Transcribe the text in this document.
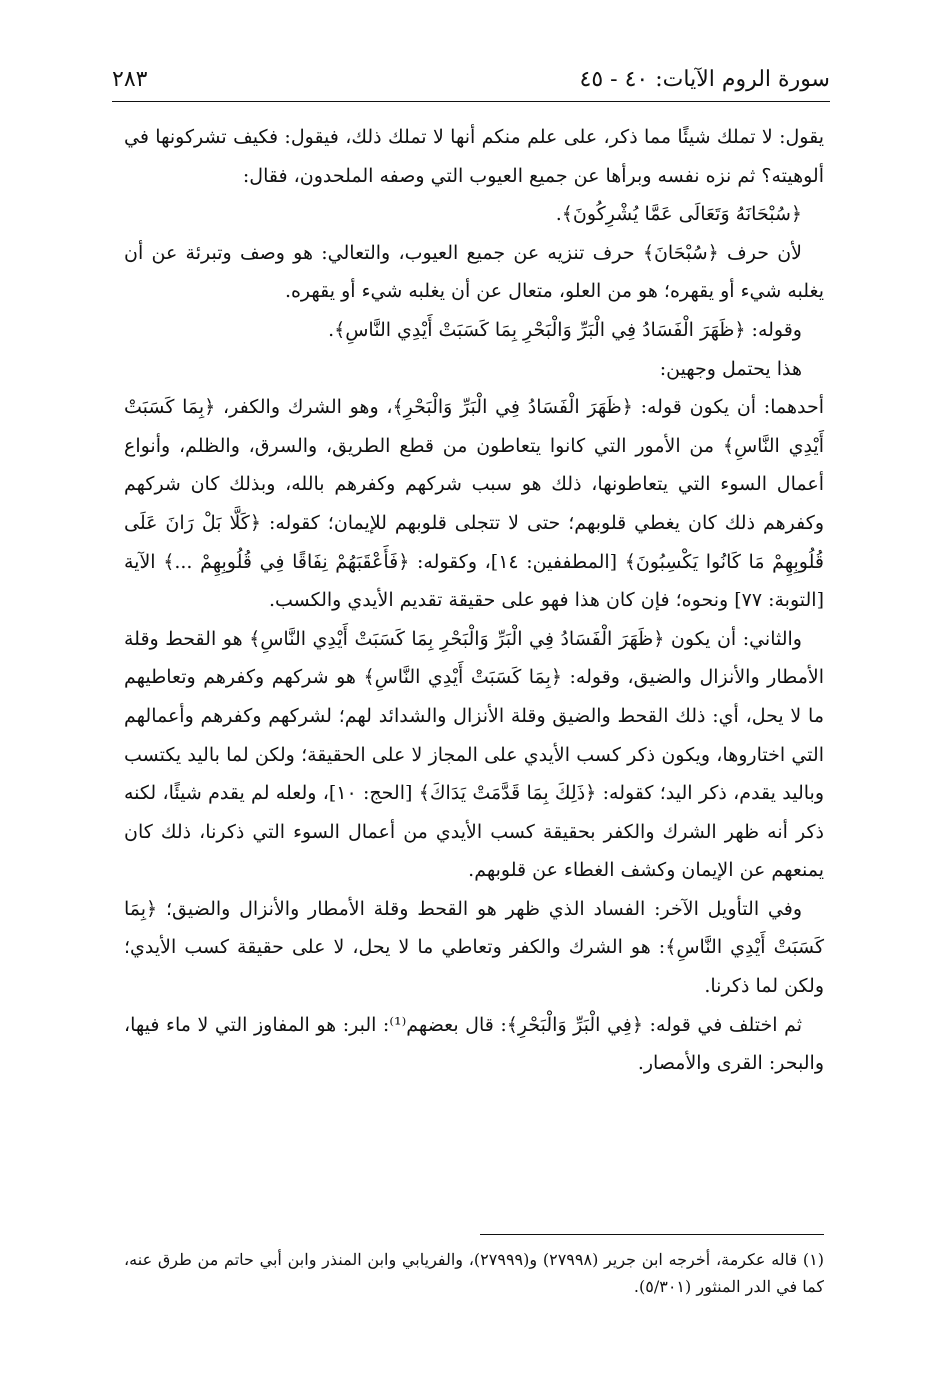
سورة الروم الآيات: ٤٠ - ٤٥
٢٨٣

يقول: لا تملك شيئًا مما ذكر، على علم منكم أنها لا تملك ذلك، فيقول: فكيف تشركونها في ألوهيته؟ ثم نزه نفسه وبرأها عن جميع العيوب التي وصفه الملحدون، فقال:

﴿سُبْحَانَهُ وَتَعَالَى عَمَّا يُشْرِكُونَ﴾.

لأن حرف ﴿سُبْحَانَ﴾ حرف تنزيه عن جميع العيوب، والتعالي: هو وصف وتبرئة عن أن يغلبه شيء أو يقهره؛ هو من العلو، متعال عن أن يغلبه شيء أو يقهره.

وقوله: ﴿ظَهَرَ الْفَسَادُ فِي الْبَرِّ وَالْبَحْرِ بِمَا كَسَبَتْ أَيْدِي النَّاسِ﴾.

هذا يحتمل وجهين:

أحدهما: أن يكون قوله: ﴿ظَهَرَ الْفَسَادُ فِي الْبَرِّ وَالْبَحْرِ﴾، وهو الشرك والكفر، ﴿بِمَا كَسَبَتْ أَيْدِي النَّاسِ﴾ من الأمور التي كانوا يتعاطون من قطع الطريق، والسرق، والظلم، وأنواع أعمال السوء التي يتعاطونها، ذلك هو سبب شركهم وكفرهم بالله، وبذلك كان شركهم وكفرهم ذلك كان يغطي قلوبهم؛ حتى لا تتجلى قلوبهم للإيمان؛ كقوله: ﴿كَلَّا بَلْ رَانَ عَلَى قُلُوبِهِمْ مَا كَانُوا يَكْسِبُونَ﴾ [المطففين: ١٤]، وكقوله: ﴿فَأَعْقَبَهُمْ نِفَاقًا فِي قُلُوبِهِمْ ...﴾ الآية [التوبة: ٧٧] ونحوه؛ فإن كان هذا فهو على حقيقة تقديم الأيدي والكسب.

والثاني: أن يكون ﴿ظَهَرَ الْفَسَادُ فِي الْبَرِّ وَالْبَحْرِ بِمَا كَسَبَتْ أَيْدِي النَّاسِ﴾ هو القحط وقلة الأمطار والأنزال والضيق، وقوله: ﴿بِمَا كَسَبَتْ أَيْدِي النَّاسِ﴾ هو شركهم وكفرهم وتعاطيهم ما لا يحل، أي: ذلك القحط والضيق وقلة الأنزال والشدائد لهم؛ لشركهم وكفرهم وأعمالهم التي اختاروها، ويكون ذكر كسب الأيدي على المجاز لا على الحقيقة؛ ولكن لما باليد يكتسب وباليد يقدم، ذكر اليد؛ كقوله: ﴿ذَلِكَ بِمَا قَدَّمَتْ يَدَاكَ﴾ [الحج: ١٠]، ولعله لم يقدم شيئًا، لكنه ذكر أنه ظهر الشرك والكفر بحقيقة كسب الأيدي من أعمال السوء التي ذكرنا، ذلك كان يمنعهم عن الإيمان وكشف الغطاء عن قلوبهم.

وفي التأويل الآخر: الفساد الذي ظهر هو القحط وقلة الأمطار والأنزال والضيق؛ ﴿بِمَا كَسَبَتْ أَيْدِي النَّاسِ﴾: هو الشرك والكفر وتعاطي ما لا يحل، لا على حقيقة كسب الأيدي؛ ولكن لما ذكرنا.

ثم اختلف في قوله: ﴿فِي الْبَرِّ وَالْبَحْرِ﴾: قال بعضهم⁽¹⁾: البر: هو المفاوز التي لا ماء فيها، والبحر: القرى والأمصار.

(١) قاله عكرمة، أخرجه ابن جرير (٢٧٩٩٨) و(٢٧٩٩٩)، والفريابي وابن المنذر وابن أبي حاتم من طرق عنه، كما في الدر المنثور (٥/٣٠١).
